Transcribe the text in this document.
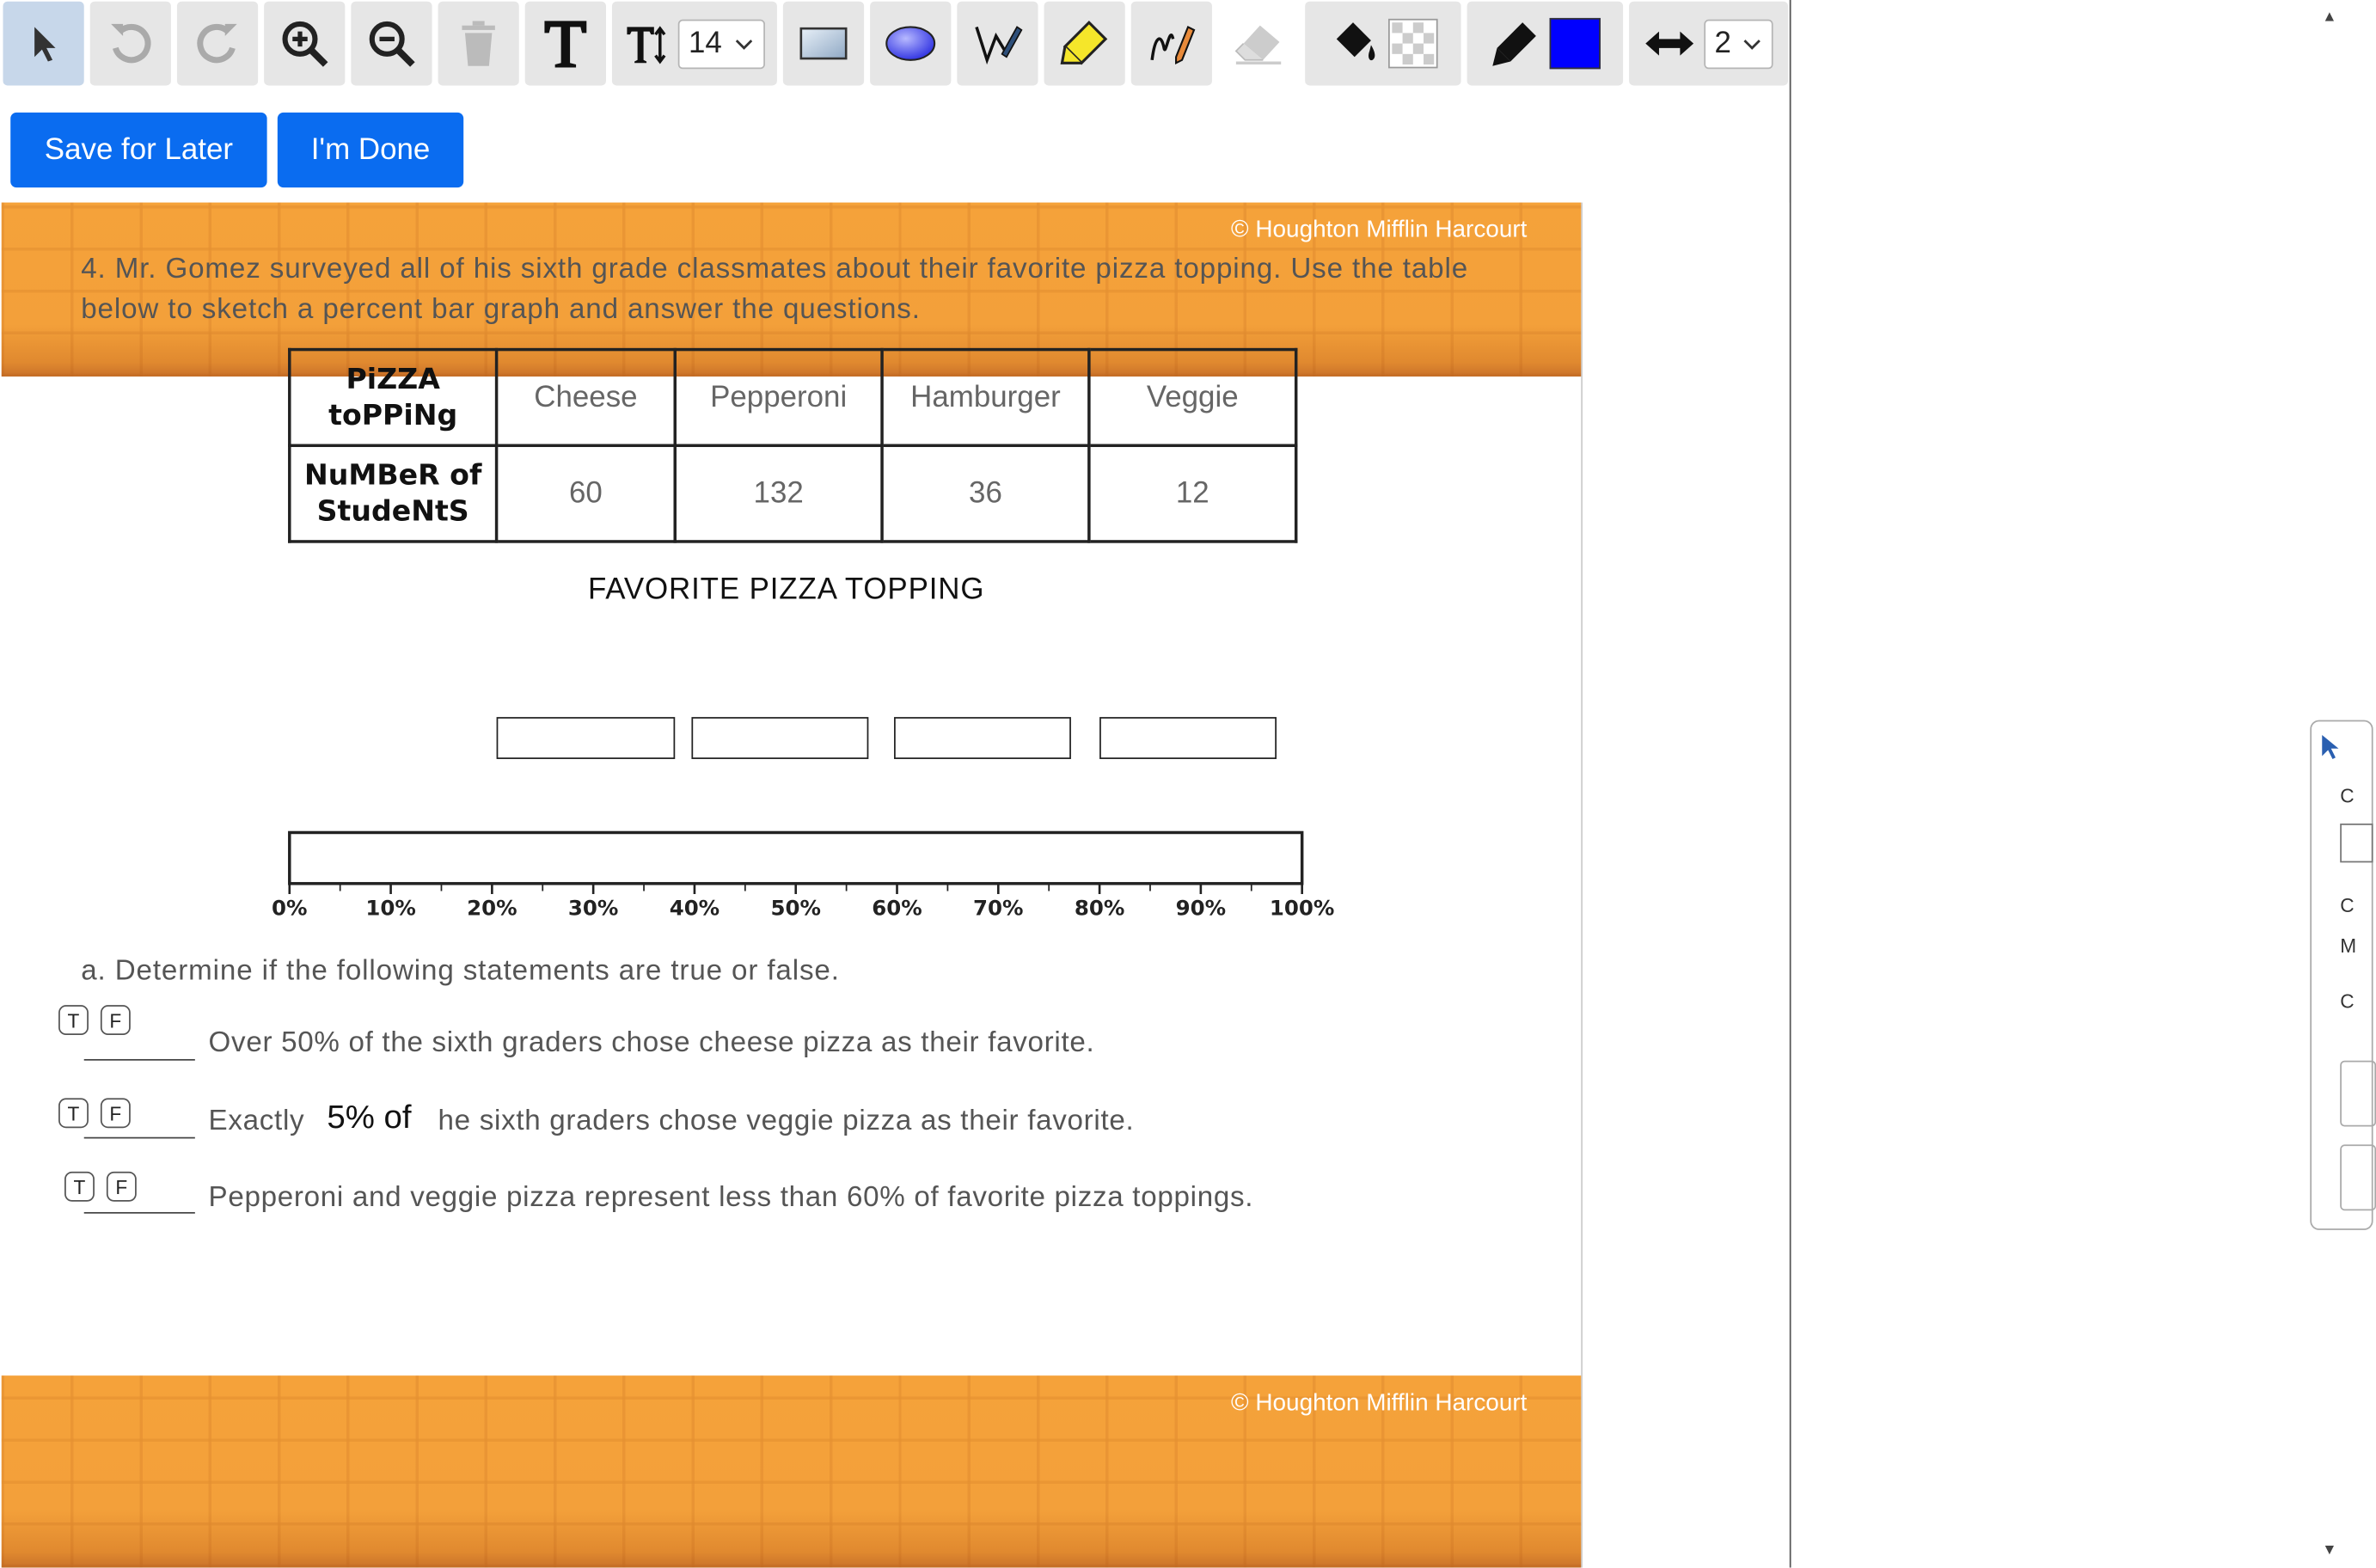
14	2
Save for Later	I'm Done
© Houghton Mifflin Harcourt
© Houghton Mifflin Harcourt
4. Mr. Gomez surveyed all of his sixth grade classmates about their favorite pizza topping. Use the table below to sketch a percent bar graph and answer the questions.
PiZZA toPPiNg	Cheese	Pepperoni	Hamburger	Veggie
NuMBeR of StudeNtS	60	132	36	12
FAVORITE PIZZA TOPPING
0%	10%	20%	30%	40%	50%	60%	70%	80%	90%	100%
a. Determine if the following statements are true or false.
T	F
Over 50% of the sixth graders chose cheese pizza as their favorite.
T	F	Exactly	he sixth graders chose veggie pizza as their favorite.
5% of
T	F	Pepperoni and veggie pizza represent less than 60% of favorite pizza toppings.
C
C
M
C
▲
▼
